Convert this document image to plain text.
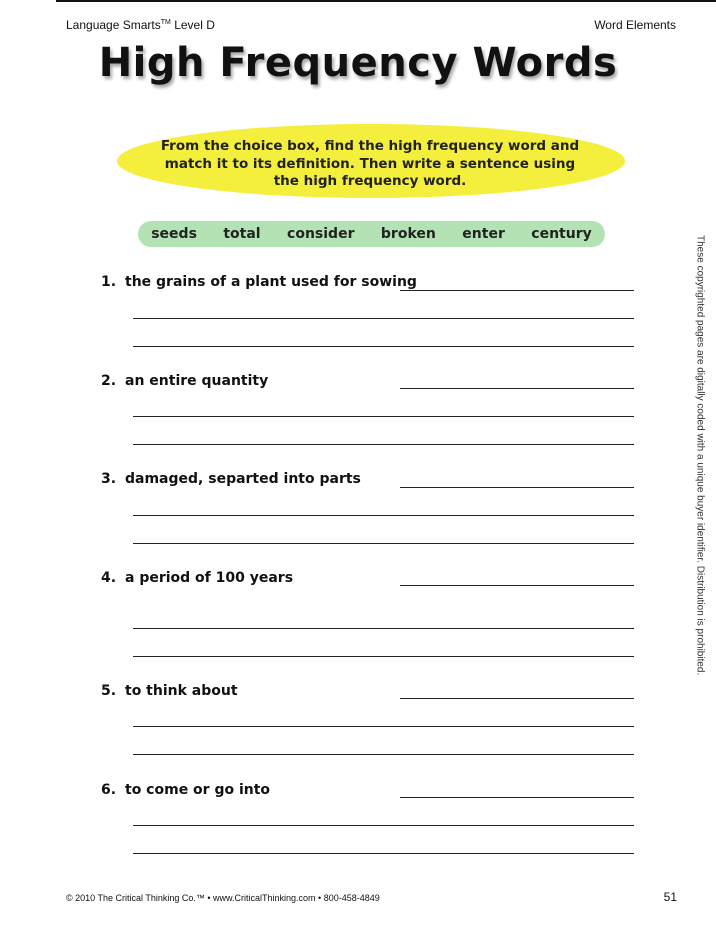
Language Smarts™ Level D	Word Elements
High Frequency Words
From the choice box, find the high frequency word and match it to its definition. Then write a sentence using the high frequency word.
seeds total consider broken enter century
1. the grains of a plant used for sowing
2. an entire quantity
3. damaged, separted into parts
4. a period of 100 years
5. to think about
6. to come or go into
These copyrighted pages are digitally coded with a unique buyer identifier. Distribution is prohibited.
© 2010 The Critical Thinking Co.™ • www.CriticalThinking.com • 800-458-4849	51
